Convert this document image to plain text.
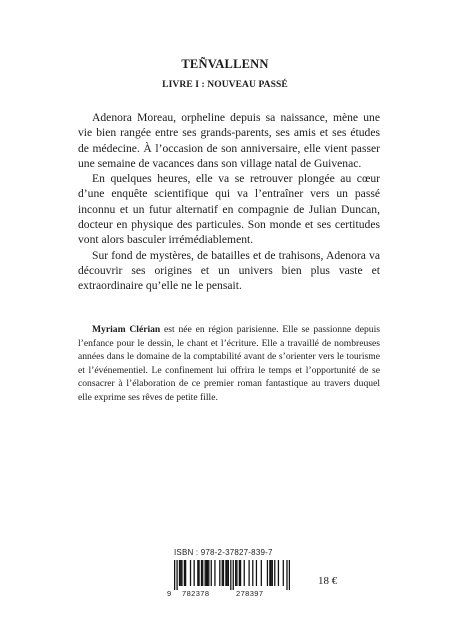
TEÑVALLENN
LIVRE I : NOUVEAU PASSÉ

Adenora Moreau, orpheline depuis sa naissance, mène une vie bien rangée entre ses grands-parents, ses amis et ses études de médecine. À l’occasion de son anniversaire, elle vient passer une semaine de vacances dans son village natal de Guivenac.

En quelques heures, elle va se retrouver plongée au cœur d’une enquête scientifique qui va l’entraîner vers un passé inconnu et un futur alternatif en compagnie de Julian Duncan, docteur en physique des particules. Son monde et ses certitudes vont alors basculer irrémédiablement.

Sur fond de mystères, de batailles et de trahisons, Adenora va découvrir ses origines et un univers bien plus vaste et extraordinaire qu’elle ne le pensait.

Myriam Clérian est née en région parisienne. Elle se passionne depuis l’enfance pour le dessin, le chant et l’écriture. Elle a travaillé de nombreuses années dans le domaine de la comptabilité avant de s’orienter vers le tourisme et l’événementiel. Le confinement lui offrira le temps et l’opportunité de se consacrer à l’élaboration de ce premier roman fantastique au travers duquel elle exprime ses rêves de petite fille.

ISBN : 978-2-37827-839-7
9 782378	278397
18 €
